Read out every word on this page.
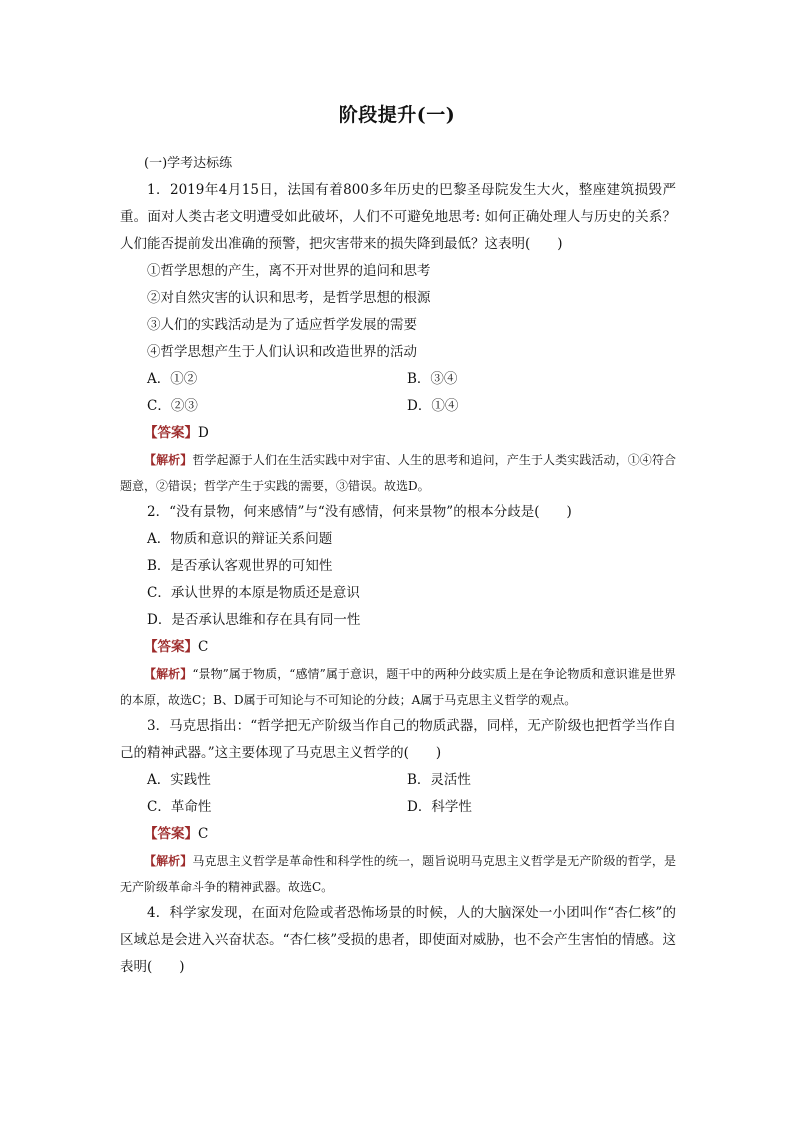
阶段提升(一)
(一)学考达标练
1．2019年4月15日，法国有着800多年历史的巴黎圣母院发生大火，整座建筑损毁严重。面对人类古老文明遭受如此破坏，人们不可避免地思考: 如何正确处理人与历史的关系？人们能否提前发出准确的预警，把灾害带来的损失降到最低？这表明(　　)
①哲学思想的产生，离不开对世界的追问和思考
②对自然灾害的认识和思考，是哲学思想的根源
③人们的实践活动是为了适应哲学发展的需要
④哲学思想产生于人们认识和改造世界的活动
A．①②	B．③④
C．②③	D．①④
【答案】D
【解析】哲学起源于人们在生活实践中对宇宙、人生的思考和追问，产生于人类实践活动，①④符合题意，②错误；哲学产生于实践的需要，③错误。故选D。
2．“没有景物，何来感情”与“没有感情，何来景物”的根本分歧是(　　)
A．物质和意识的辩证关系问题
B．是否承认客观世界的可知性
C．承认世界的本原是物质还是意识
D．是否承认思维和存在具有同一性
【答案】C
【解析】“景物”属于物质，“感情”属于意识，题干中的两种分歧实质上是在争论物质和意识谁是世界的本原，故选C；B、D属于可知论与不可知论的分歧；A属于马克思主义哲学的观点。
3．马克思指出：“哲学把无产阶级当作自己的物质武器，同样，无产阶级也把哲学当作自己的精神武器。”这主要体现了马克思主义哲学的(　　)
A．实践性	B．灵活性
C．革命性	D．科学性
【答案】C
【解析】马克思主义哲学是革命性和科学性的统一，题旨说明马克思主义哲学是无产阶级的哲学，是无产阶级革命斗争的精神武器。故选C。
4．科学家发现，在面对危险或者恐怖场景的时候，人的大脑深处一小团叫作“杏仁核”的区域总是会进入兴奋状态。“杏仁核”受损的患者，即使面对威胁，也不会产生害怕的情感。这表明(　　)
